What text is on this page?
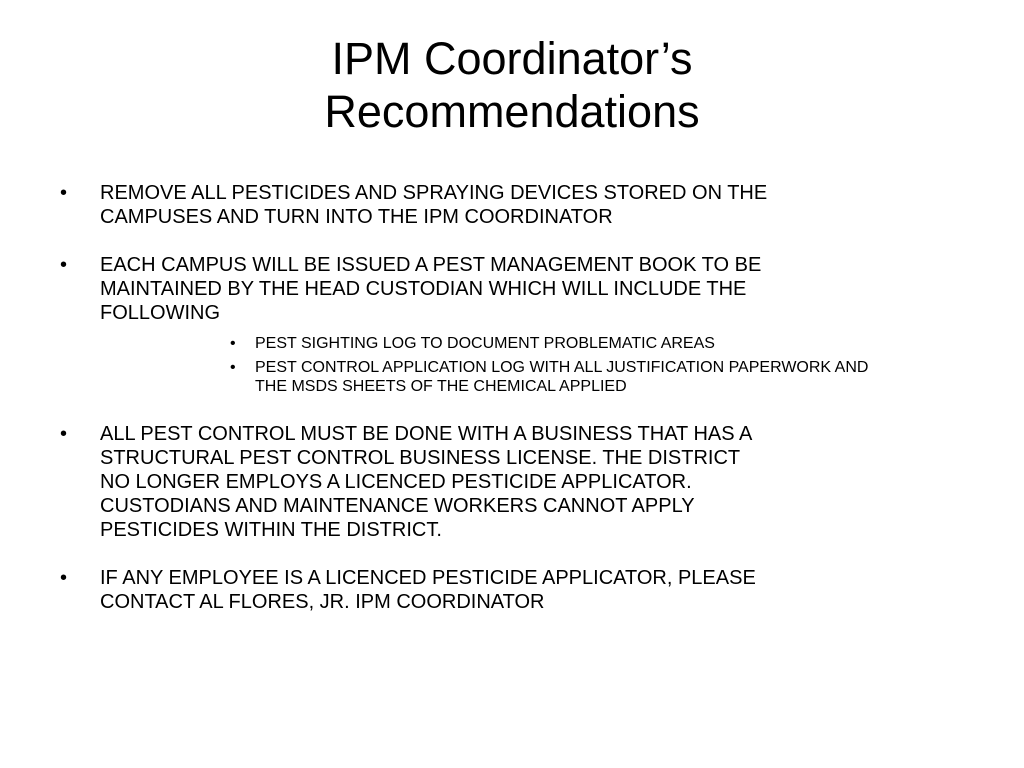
IPM Coordinator’s
Recommendations
• REMOVE ALL PESTICIDES AND SPRAYING DEVICES STORED ON THE
CAMPUSES AND TURN INTO THE IPM COORDINATOR
• EACH CAMPUS WILL BE ISSUED A PEST MANAGEMENT BOOK TO BE
MAINTAINED BY THE HEAD CUSTODIAN WHICH WILL INCLUDE THE
FOLLOWING
• PEST SIGHTING LOG TO DOCUMENT PROBLEMATIC AREAS
• PEST CONTROL APPLICATION LOG WITH ALL JUSTIFICATION PAPERWORK AND
THE MSDS SHEETS OF THE CHEMICAL APPLIED
• ALL PEST CONTROL MUST BE DONE WITH A BUSINESS THAT HAS A
STRUCTURAL PEST CONTROL BUSINESS LICENSE. THE DISTRICT
NO LONGER EMPLOYS A LICENCED PESTICIDE APPLICATOR.
CUSTODIANS AND MAINTENANCE WORKERS CANNOT APPLY
PESTICIDES WITHIN THE DISTRICT.
• IF ANY EMPLOYEE IS A LICENCED PESTICIDE APPLICATOR, PLEASE
CONTACT AL FLORES, JR. IPM COORDINATOR
